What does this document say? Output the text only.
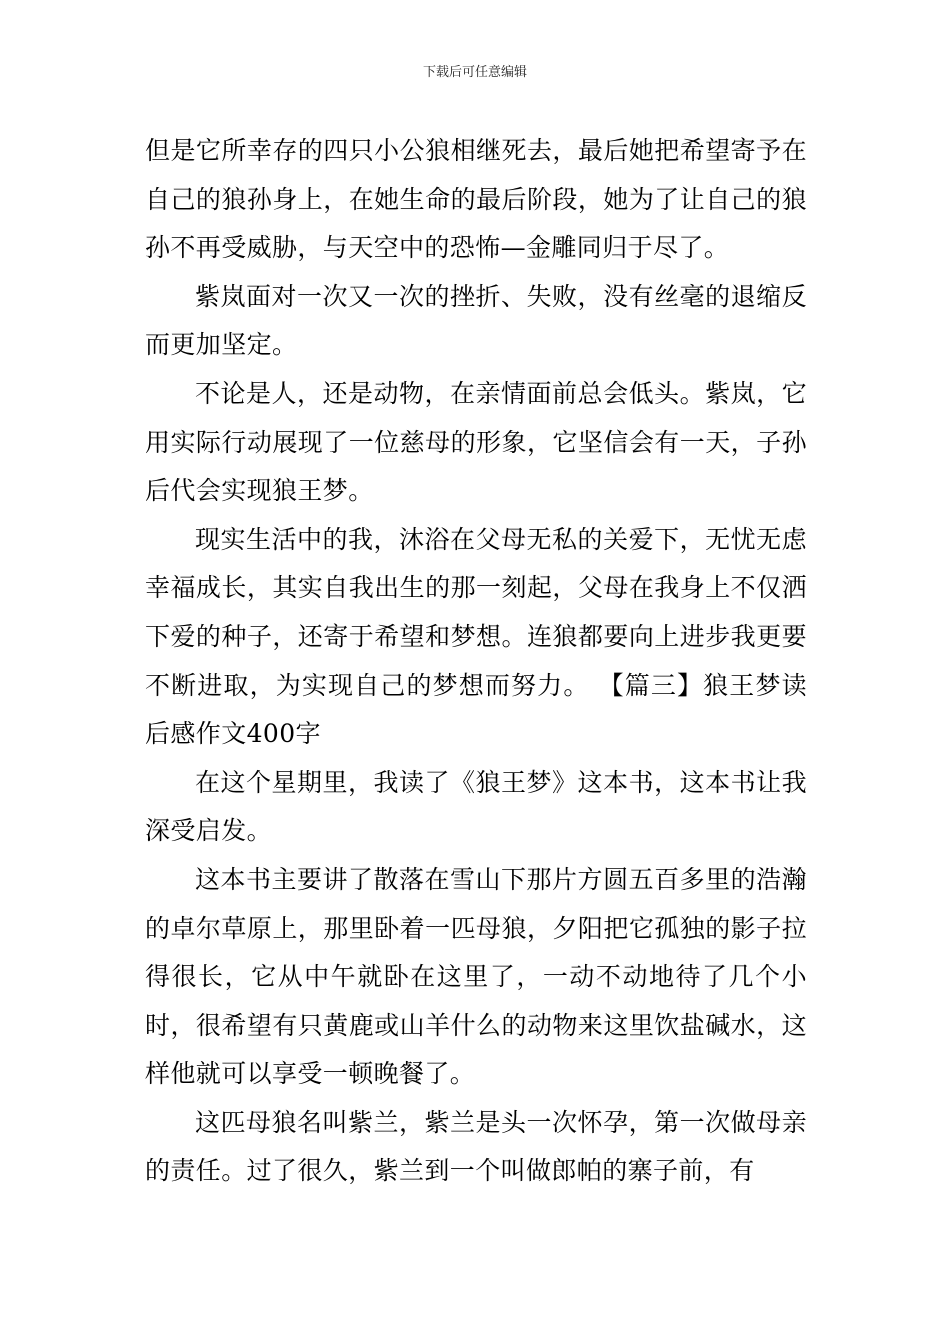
下载后可任意编辑

但是它所幸存的四只小公狼相继死去，最后她把希望寄予在自己的狼孙身上，在她生命的最后阶段，她为了让自己的狼孙不再受威胁，与天空中的恐怖—金雕同归于尽了。

紫岚面对一次又一次的挫折、失败，没有丝毫的退缩反而更加坚定。

不论是人，还是动物，在亲情面前总会低头。紫岚，它用实际行动展现了一位慈母的形象，它坚信会有一天，子孙后代会实现狼王梦。

现实生活中的我，沐浴在父母无私的关爱下，无忧无虑幸福成长，其实自我出生的那一刻起，父母在我身上不仅洒下爱的种子，还寄于希望和梦想。连狼都要向上进步我更要不断进取，为实现自己的梦想而努力。 【篇三】狼王梦读后感作文400字

在这个星期里，我读了《狼王梦》这本书，这本书让我深受启发。

这本书主要讲了散落在雪山下那片方圆五百多里的浩瀚的卓尔草原上，那里卧着一匹母狼，夕阳把它孤独的影子拉得很长，它从中午就卧在这里了，一动不动地待了几个小时，很希望有只黄鹿或山羊什么的动物来这里饮盐碱水，这样他就可以享受一顿晚餐了。

这匹母狼名叫紫兰，紫兰是头一次怀孕，第一次做母亲的责任。过了很久，紫兰到一个叫做郎帕的寨子前，有
